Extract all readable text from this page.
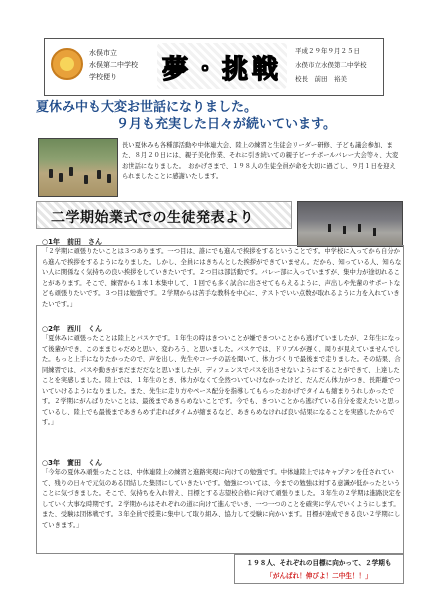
水俣市立
水俣第二中学校
学校便り	夢・挑戦
平成２９年９月２５日
水俣市立水俣第二中学校
校長　前田　裕美
夏休み中も大変お世話になりました。
９月も充実した日々が続いています。
長い夏休みも各種部活動や中体連大会、陸上の練習と生徒会リーダー研修、子ども議会参加、また、８月２０日には、親子美化作業、それに引き続いての親子ビーチボールバレー大会等々、大変お世話になりました。　おかげさまで、１９８人の生徒全員が命を大切に過ごし、９月１日を迎えられましたことに感謝いたします。
二学期始業式での生徒発表より
○1年　前田　さん
「２学期に頑張りたいことは３つあります。一つ目は、誰にでも進んで挨拶をするということです。中学校に入ってから自分から進んで挨拶をするようになりました。しかし、全員にはきちんとした挨拶ができていません。だから、知っている人、知らない人に関係なく気持ちの良い挨拶をしていきたいです。２つ目は部活動です。バレー部に入っていますが、集中力が途切れることがあります。そこで、練習から１本１本集中して、１回でも多く試合に出させてもらえるように、声出しや先輩のサポートなども頑張りたいです。３つ目は勉強です。２学期からは苦手な教科を中心に、テストでいい点数が取れるように力を入れていきたいです。」
○2年　西川　くん
「夏休みに頑張ったことは陸上とバスケです。１年生の時はきついことが嫌できついことから逃げていましたが、２年生になって後輩ができ、このままじゃだめと思い、変わろう、と思いました。バスケでは、ドリブルが遅く、周りが見えていませんでした。もっと上手になりたかったので、声を出し、先生やコーチの話を聞いて、体力づくりで最後まで走りました。その結果、合同練習では、パスや動きがまだまだだなと思いましたが、ディフェンスでパスを出させないようにすることができて、上達したことを実感しました。陸上では、１年生のとき、体力がなくて全然ついていけなかったけど、だんだん体力がつき、長距離でついていけるようになりました。また、先生に走り方やペース配分を指導してもらったおかげでタイムも縮まりうれしかったです。２学期にがんばりたいことは、最後まであきらめないことです。今でも、きついことから逃げている自分を変えたいと思っているし、陸上でも最後まであきらめず走ればタイムが縮まるなど、あきらめなければ良い結果になることを実感したからです。」
○3年　實田　くん
「今年の夏休み頑張ったことは、中体連陸上の練習と進路実現に向けての勉強です。中体連陸上ではキャプテンを任されていて、残りの日々で元気のある団結した集団にしていきたいです。勉強については、今までの勉強は対する意識が低かったということに気づきました。そこで、気持ちを入れ替え、目標とする志望校合格に向けて頑張りました。３年生の２学期は進路決定をしていく大事な時期です。２学期からはそれぞれの道に向けて進んでいき、一つ一つのことを確実に学んでいくようにします。　また、受験は団体戦です。３年全員で授業に集中して取り組み、協力して受験に向かいます。目標が達成できる良い２学期にしていきます。」
１９８人、それぞれの目標に向かって、２学期も
「がんばれ！伸びよ！二中生！！」
